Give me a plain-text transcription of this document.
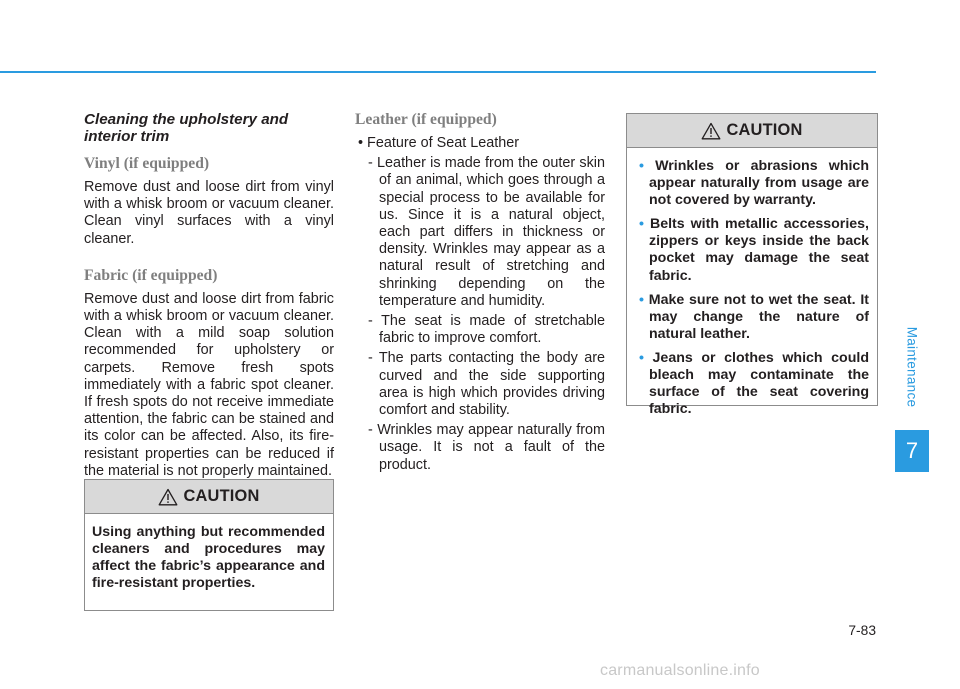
Cleaning the upholstery and interior trim
Vinyl (if equipped)

Remove dust and loose dirt from vinyl with a whisk broom or vacuum cleaner. Clean vinyl surfaces with a vinyl cleaner.

Fabric (if equipped)

Remove dust and loose dirt from fabric with a whisk broom or vacuum cleaner. Clean with a mild soap solution recommended for upholstery or carpets. Remove fresh spots immediately with a fabric spot cleaner. If fresh spots do not receive immediate attention, the fabric can be stained and its color can be affected. Also, its fire-resistant properties can be reduced if the material is not properly maintained.

CAUTION
Using anything but recommended cleaners and procedures may affect the fabric’s appearance and fire-resistant properties.
Leather (if equipped)
• Feature of Seat Leather
- Leather is made from the outer skin of an animal, which goes through a special process to be available for us. Since it is a natural object, each part differs in thickness or density. Wrinkles may appear as a natural result of stretching and shrinking depending on the temperature and humidity.
- The seat is made of stretchable fabric to improve comfort.
- The parts contacting the body are curved and the side supporting area is high which provides driving comfort and stability.
- Wrinkles may appear naturally from usage. It is not a fault of the product.
CAUTION
• Wrinkles or abrasions which appear naturally from usage are not covered by warranty.
• Belts with metallic accessories, zippers or keys inside the back pocket may damage the seat fabric.
• Make sure not to wet the seat. It may change the nature of natural leather.
• Jeans or clothes which could bleach may contaminate the surface of the seat covering fabric.
Maintenance
7
7-83
carmanualsonline.info
